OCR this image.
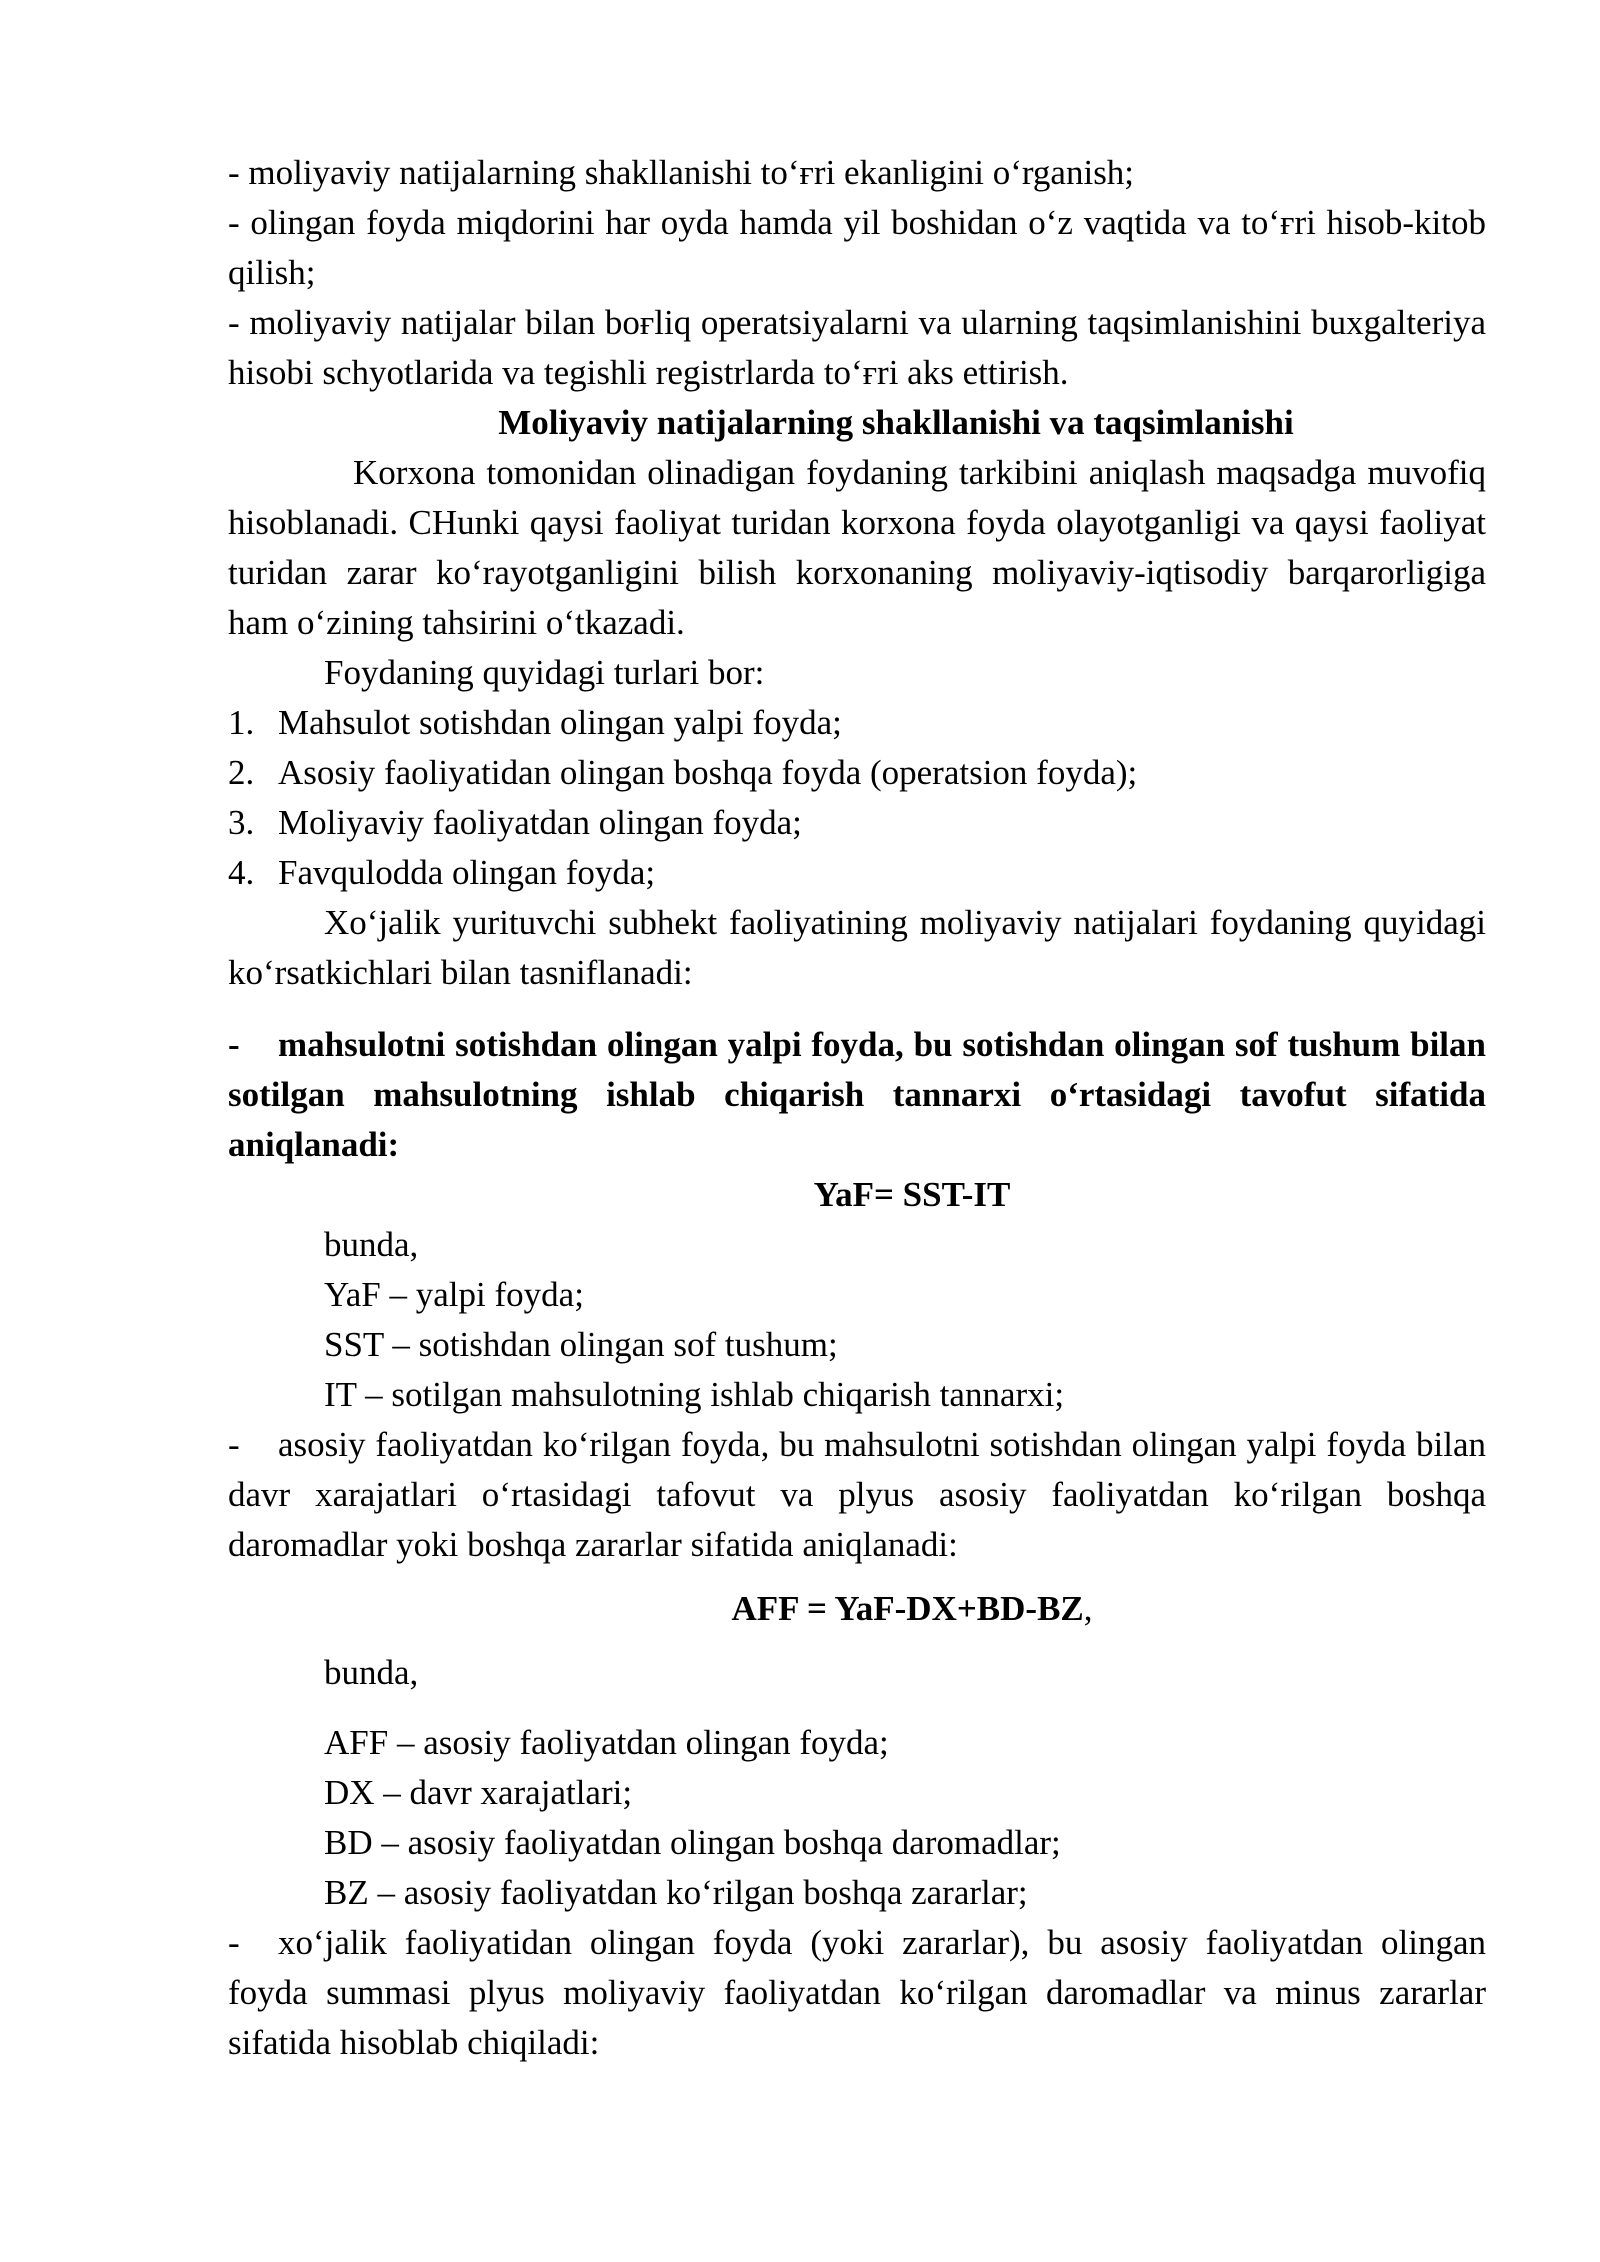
- moliyaviy natijalarning shakllanishi to‘ғri ekanligini o‘rganish;

- olingan foyda miqdorini har oyda hamda yil boshidan o‘z vaqtida va to‘ғri hisob-kitob qilish;

- moliyaviy natijalar bilan boғliq operatsiyalarni va ularning taqsimlanishini buxgalteriya hisobi schyotlarida va tegishli registrlarda to‘ғri aks ettirish.

Moliyaviy natijalarning shakllanishi va taqsimlanishi

Korxona tomonidan olinadigan foydaning tarkibini aniqlash maqsadga muvofiq hisoblanadi. CHunki qaysi faoliyat turidan korxona foyda olayotganligi va qaysi faoliyat turidan zarar ko‘rayotganligini bilish korxonaning moliyaviy-iqtisodiy barqarorligiga ham o‘zining tahsirini o‘tkazadi.

Foydaning quyidagi turlari bor:

1. Mahsulot sotishdan olingan yalpi foyda;
2. Asosiy faoliyatidan olingan boshqa foyda (operatsion foyda);
3. Moliyaviy faoliyatdan olingan foyda;
4. Favqulodda olingan foyda;

Xo‘jalik yurituvchi subhekt faoliyatining moliyaviy natijalari foydaning quyidagi ko‘rsatkichlari bilan tasniflanadi:

- mahsulotni sotishdan olingan yalpi foyda, bu sotishdan olingan sof tushum bilan sotilgan mahsulotning ishlab chiqarish tannarxi o‘rtasidagi tavofut sifatida aniqlanadi:

YaF= SST-IT

bunda,

YaF – yalpi foyda;

SST – sotishdan olingan sof tushum;

IT – sotilgan mahsulotning ishlab chiqarish tannarxi;

- asosiy faoliyatdan ko‘rilgan foyda, bu mahsulotni sotishdan olingan yalpi foyda bilan davr xarajatlari o‘rtasidagi tafovut va plyus asosiy faoliyatdan ko‘rilgan boshqa daromadlar yoki boshqa zararlar sifatida aniqlanadi:

AFF = YaF-DX+BD-BZ,

bunda,

AFF – asosiy faoliyatdan olingan foyda;

DX – davr xarajatlari;

BD – asosiy faoliyatdan olingan boshqa daromadlar;

BZ – asosiy faoliyatdan ko‘rilgan boshqa zararlar;

- xo‘jalik faoliyatidan olingan foyda (yoki zararlar), bu asosiy faoliyatdan olingan foyda summasi plyus moliyaviy faoliyatdan ko‘rilgan daromadlar va minus zararlar sifatida hisoblab chiqiladi:
